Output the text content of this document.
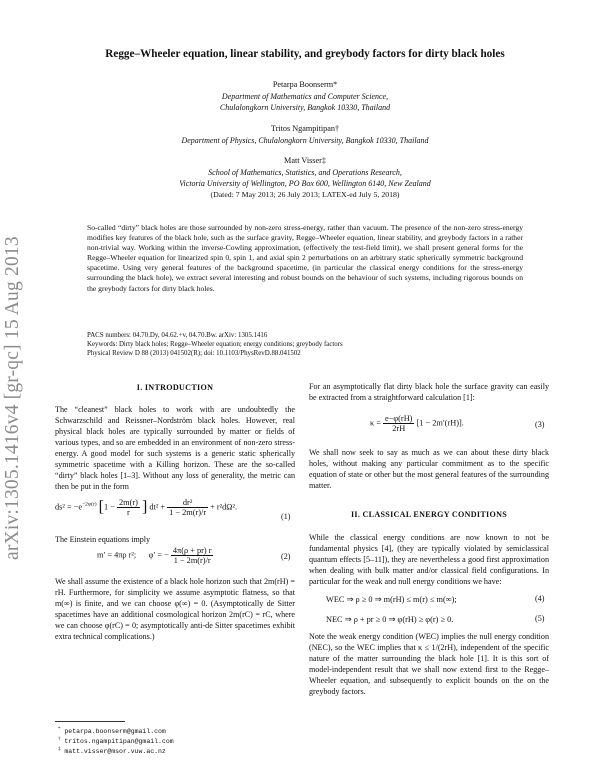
arXiv:1305.1416v4 [gr-qc] 15 Aug 2013
Regge–Wheeler equation, linear stability, and greybody factors for dirty black holes
Petarpa Boonserm*
Department of Mathematics and Computer Science,
Chulalongkorn University, Bangkok 10330, Thailand
Tritos Ngampitipan†
Department of Physics, Chulalongkorn University, Bangkok 10330, Thailand
Matt Visser‡
School of Mathematics, Statistics, and Operations Research,
Victoria University of Wellington, PO Box 600, Wellington 6140, New Zealand
(Dated: 7 May 2013; 26 July 2013; LATEX-ed July 5, 2018)
So-called “dirty” black holes are those surrounded by non-zero stress-energy, rather than vacuum. The presence of the non-zero stress-energy modifies key features of the black hole, such as the surface gravity, Regge–Wheeler equation, linear stability, and greybody factors in a rather non-trivial way. Working within the inverse-Cowling approximation, (effectively the test-field limit), we shall present general forms for the Regge–Wheeler equation for linearized spin 0, spin 1, and axial spin 2 perturbations on an arbitrary static spherically symmetric background spacetime. Using very general features of the background spacetime, (in particular the classical energy conditions for the stress-energy surrounding the black hole), we extract several interesting and robust bounds on the behaviour of such systems, including rigorous bounds on the greybody factors for dirty black holes.
PACS numbers: 04.70.Dy, 04.62.+v, 04.70.Bw. arXiv: 1305.1416
Keywords: Dirty black holes; Regge–Wheeler equation; energy conditions; greybody factors
Physical Review D 88 (2013) 041502(R); doi: 10.1103/PhysRevD.88.041502
I. INTRODUCTION
The “cleanest” black holes to work with are undoubtedly the Schwarzschild and Reissner–Nordström black holes. However, real physical black holes are typically surrounded by matter or fields of various types, and so are embedded in an environment of non-zero stress-energy. A good model for such systems is a generic static spherically symmetric spacetime with a Killing horizon. These are the so-called “dirty” black holes [1–3]. Without any loss of generality, the metric can then be put in the form
$ds^2 = -e^{-2\varphi(r)}$ [$1 - \frac{2m(r)}{r}$ ] $dt^2 + \frac{\text{dr²}}{1 - 2m(r)/r} + r^2d\Omega^2$.
(1)
The Einstein equations imply
m′ = 4πρ r²; φ′ = − $\frac{4\pi(\rho + pr) r}{1 - 2m(r)/r}$	(2)
We shall assume the existence of a black hole horizon such that 2m(rH) = rH. Furthermore, for simplicity we assume asymptotic flatness, so that m(∞) is finite, and we can choose φ(∞) = 0. (Asymptotically de Sitter spacetimes have an additional cosmological horizon 2m(rC) = rC, where we can choose φ(rC) = 0; asymptotically anti-de Sitter spacetimes exhibit extra technical complications.)
For an asymptotically flat dirty black hole the surface gravity can easily be extracted from a straightforward calculation [1]:
$\kappa = \frac{e-\varphi(rH)}{2rH} [1 - 2m'(rH)]$.	(3)
We shall now seek to say as much as we can about these dirty black holes, without making any particular commitment as to the specific equation of state or other but the most general features of the surrounding matter.
II. CLASSICAL ENERGY CONDITIONS
While the classical energy conditions are now known to not be fundamental physics [4], (they are typically violated by semiclassical quantum effects [5–11]), they are nevertheless a good first approximation when dealing with bulk matter and/or classical field configurations. In particular for the weak and null energy conditions we have:
WEC ⇒ ρ ≥ 0 ⇒ m(rH) ≤ m(r) ≤ m(∞);	(4)
NEC ⇒ ρ + pr ≥ 0 ⇒ φ(rH) ≥ φ(r) ≥ 0.	(5)
Note the weak energy condition (WEC) implies the null energy condition (NEC), so the WEC implies that κ ≤ 1/(2rH), independent of the specific nature of the matter surrounding the black hole [1]. It is this sort of model-independent result that we shall now extend first to the Regge–Wheeler equation, and subsequently to explicit bounds on the on the greybody factors.
* petarpa.boonserm@gmail.com
† tritos.ngampitipan@gmail.com
‡ matt.visser@msor.vuw.ac.nz
